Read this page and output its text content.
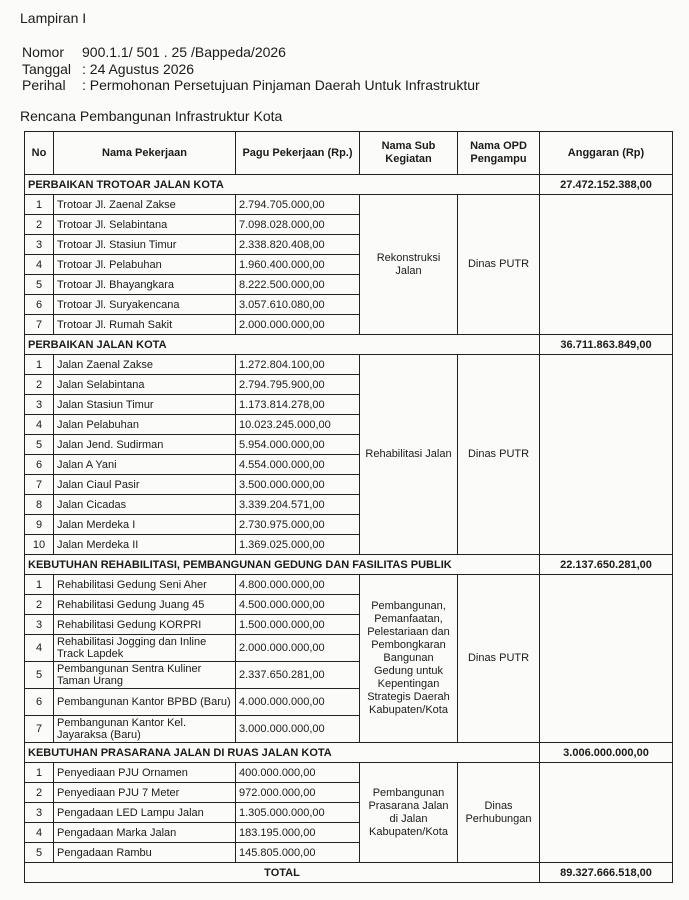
Lampiran I
Nomor	900.1.1/ 501 . 25 /Bappeda/2026
Tanggal : 24 Agustus 2026
Perihal	: Permohonan Persetujuan Pinjaman Daerah Untuk Infrastruktur
Rencana Pembangunan Infrastruktur Kota
No	Nama Pekerjaan	Pagu Pekerjaan (Rp.)	Nama Sub Kegiatan	Nama OPD Pengampu	Anggaran (Rp)
PERBAIKAN TROTOAR JALAN KOTA					27.472.152.388,00
1	Trotoar Jl. Zaenal Zakse	2.794.705.000,00	Rekonstruksi Jalan	Dinas PUTR	
2	Trotoar Jl. Selabintana	7.098.028.000,00			
3	Trotoar Jl. Stasiun Timur	2.338.820.408,00			
4	Trotoar Jl. Pelabuhan	1.960.400.000,00			
5	Trotoar Jl. Bhayangkara	8.222.500.000,00			
6	Trotoar Jl. Suryakencana	3.057.610.080,00			
7	Trotoar Jl. Rumah Sakit	2.000.000.000,00			
PERBAIKAN JALAN KOTA					36.711.863.849,00
1	Jalan Zaenal Zakse	1.272.804.100,00	Rehabilitasi Jalan	Dinas PUTR	
2	Jalan Selabintana	2.794.795.900,00			
3	Jalan Stasiun Timur	1.173.814.278,00			
4	Jalan Pelabuhan	10.023.245.000,00			
5	Jalan Jend. Sudirman	5.954.000.000,00			
6	Jalan A Yani	4.554.000.000,00			
7	Jalan Ciaul Pasir	3.500.000.000,00			
8	Jalan Cicadas	3.339.204.571,00			
9	Jalan Merdeka I	2.730.975.000,00			
10	Jalan Merdeka II	1.369.025.000,00			
KEBUTUHAN REHABILITASI, PEMBANGUNAN GEDUNG DAN FASILITAS PUBLIK					22.137.650.281,00
1	Rehabilitasi Gedung Seni Aher	4.800.000.000,00	Pembangunan, Pemanfaatan, Pelestariaan dan Pembongkaran Bangunan Gedung untuk Kepentingan Strategis Daerah Kabupaten/Kota	Dinas PUTR	
2	Rehabilitasi Gedung Juang 45	4.500.000.000,00			
3	Rehabilitasi Gedung KORPRI	1.500.000.000,00			
4	Rehabilitasi Jogging dan Inline Track Lapdek	2.000.000.000,00			
5	Pembangunan Sentra Kuliner Taman Urang	2.337.650.281,00			
6	Pembangunan Kantor BPBD (Baru)	4.000.000.000,00			
7	Pembangunan Kantor Kel. Jayaraksa (Baru)	3.000.000.000,00			
KEBUTUHAN PRASARANA JALAN DI RUAS JALAN KOTA					3.006.000.000,00
1	Penyediaan PJU Ornamen	400.000.000,00	Pembangunan Prasarana Jalan di Jalan Kabupaten/Kota	Dinas Perhubungan	
2	Penyediaan PJU 7 Meter	972.000.000,00			
3	Pengadaan LED Lampu Jalan	1.305.000.000,00			
4	Pengadaan Marka Jalan	183.195.000,00			
5	Pengadaan Rambu	145.805.000,00			
TOTAL					89.327.666.518,00
